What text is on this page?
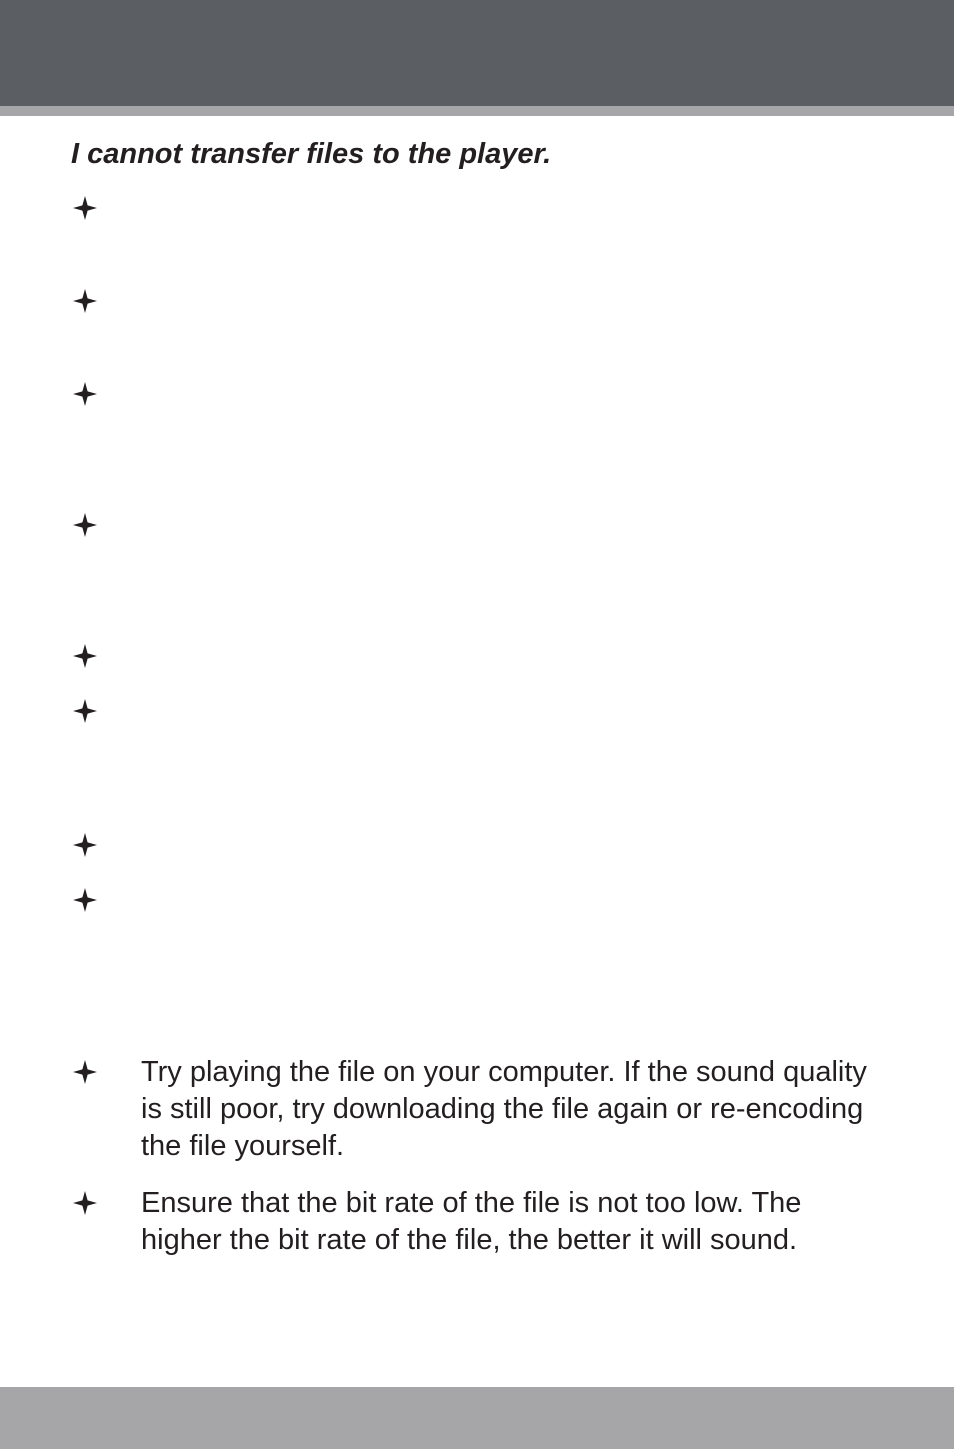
I cannot transfer files to the player.

Try playing the file on your computer. If the sound quality is still poor, try downloading the file again or re-encoding the file yourself.

Ensure that the bit rate of the file is not too low. The higher the bit rate of the file, the better it will sound.
